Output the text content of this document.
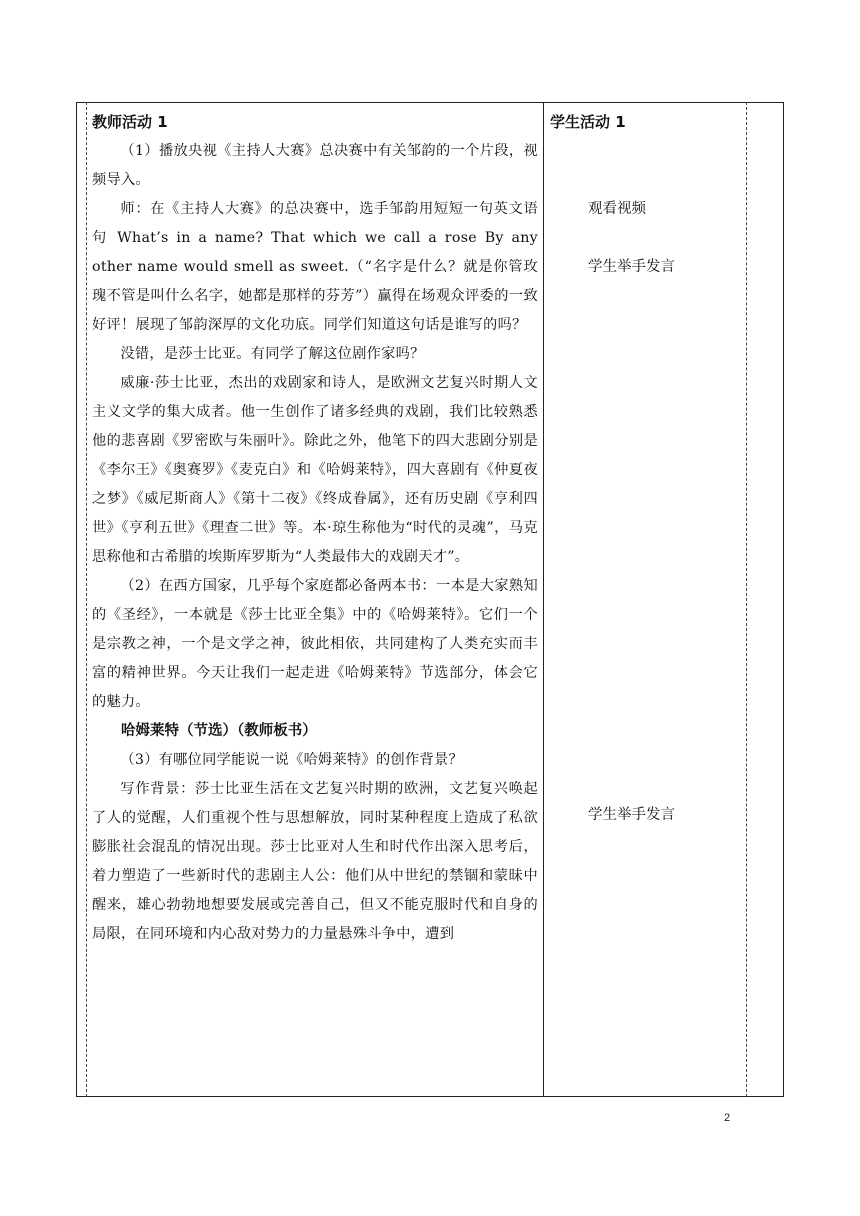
教师活动 1

（1）播放央视《主持人大赛》总决赛中有关邹韵的一个片段，视频导入。

师：在《主持人大赛》的总决赛中，选手邹韵用短短一句英文语句 What’s in a name? That which we call a rose By any other name would smell as sweet.（“名字是什么？就是你管玫瑰不管是叫什么名字，她都是那样的芬芳”）赢得在场观众评委的一致好评！展现了邹韵深厚的文化功底。同学们知道这句话是谁写的吗？

没错，是莎士比亚。有同学了解这位剧作家吗？

威廉·莎士比亚，杰出的戏剧家和诗人，是欧洲文艺复兴时期人文主义文学的集大成者。他一生创作了诸多经典的戏剧，我们比较熟悉他的悲喜剧《罗密欧与朱丽叶》。除此之外，他笔下的四大悲剧分别是《李尔王》《奥赛罗》《麦克白》和《哈姆莱特》，四大喜剧有《仲夏夜之梦》《威尼斯商人》《第十二夜》《终成眷属》，还有历史剧《亨利四世》《亨利五世》《理查二世》等。本·琼生称他为“时代的灵魂”，马克思称他和古希腊的埃斯库罗斯为“人类最伟大的戏剧天才”。

（2）在西方国家，几乎每个家庭都必备两本书：一本是大家熟知的《圣经》，一本就是《莎士比亚全集》中的《哈姆莱特》。它们一个是宗教之神，一个是文学之神，彼此相依，共同建构了人类充实而丰富的精神世界。今天让我们一起走进《哈姆莱特》节选部分，体会它的魅力。

哈姆莱特（节选）（教师板书）

（3）有哪位同学能说一说《哈姆莱特》的创作背景？

写作背景：莎士比亚生活在文艺复兴时期的欧洲，文艺复兴唤起了人的觉醒，人们重视个性与思想解放，同时某种程度上造成了私欲膨胀社会混乱的情况出现。莎士比亚对人生和时代作出深入思考后，着力塑造了一些新时代的悲剧主人公：他们从中世纪的禁锢和蒙昧中醒来，雄心勃勃地想要发展或完善自己，但又不能克服时代和自身的局限，在同环境和内心敌对势力的力量悬殊斗争中，遭到

学生活动 1

观看视频
学生举手发言
学生举手发言
2
